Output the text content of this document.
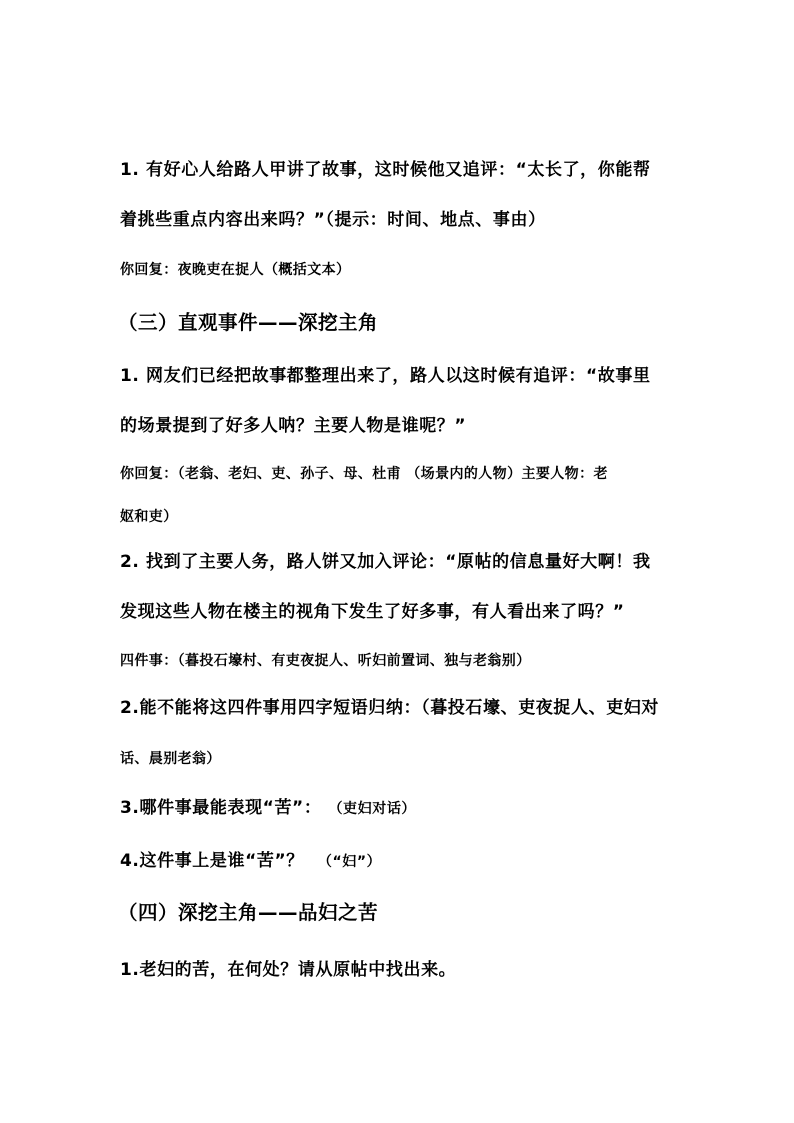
1. 有好心人给路人甲讲了故事，这时候他又追评：“太长了，你能帮
着挑些重点内容出来吗？”（提示：时间、地点、事由）
你回复：夜晚吏在捉人（概括文本）
（三）直观事件——深挖主角
1. 网友们已经把故事都整理出来了，路人以这时候有追评：“故事里
的场景提到了好多人呐？主要人物是谁呢？”
你回复：（老翁、老妇、吏、孙子、母、杜甫 （场景内的人物）主要人物：老
妪和吏）
2. 找到了主要人务，路人饼又加入评论：“原帖的信息量好大啊！我
发现这些人物在楼主的视角下发生了好多事，有人看出来了吗？”
四件事：（暮投石壕村、有吏夜捉人、听妇前置词、独与老翁别）
2.能不能将这四件事用四字短语归纳：（暮投石壕、吏夜捉人、吏妇对
话、晨别老翁）
3.哪件事最能表现“苦”： （吏妇对话）
4.这件事上是谁“苦”？ （“妇”）
（四）深挖主角——品妇之苦
1.老妇的苦，在何处？请从原帖中找出来。
